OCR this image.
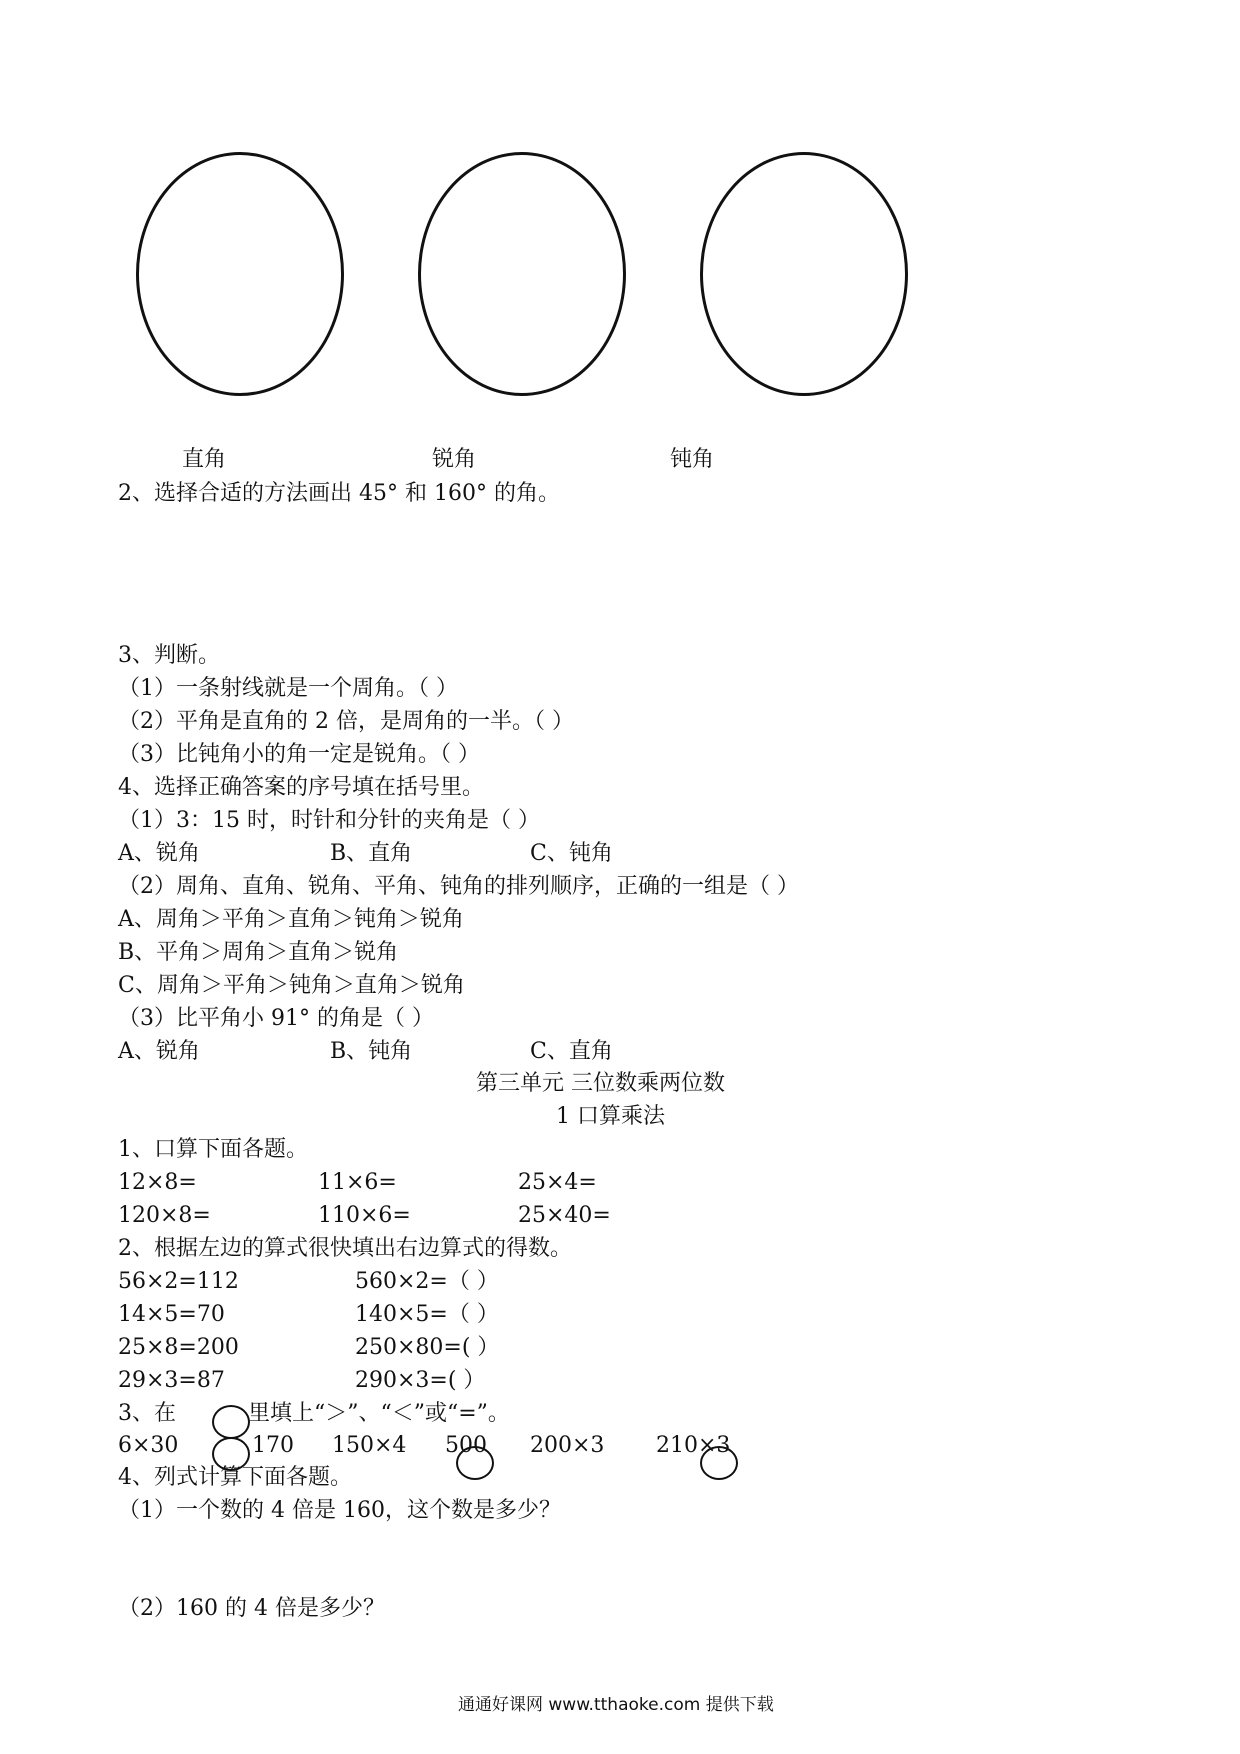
直角	锐角	钝角
2、选择合适的方法画出 45° 和 160° 的角。
3、判断。
（1）一条射线就是一个周角。（ ）
（2）平角是直角的 2 倍，是周角的一半。（ ）
（3）比钝角小的角一定是锐角。（ ）
4、选择正确答案的序号填在括号里。
（1）3：15 时，时针和分针的夹角是（ ）
A、锐角	B、直角	C、钝角
（2）周角、直角、锐角、平角、钝角的排列顺序，正确的一组是（ ）
A、周角＞平角＞直角＞钝角＞锐角
B、平角＞周角＞直角＞锐角
C、周角＞平角＞钝角＞直角＞锐角
（3）比平角小 91° 的角是（ ）
A、锐角	B、钝角	C、直角
第三单元 三位数乘两位数
1 口算乘法
1、口算下面各题。
12×8=	11×6=	25×4=
120×8=	110×6=	25×40=
2、根据左边的算式很快填出右边算式的得数。
56×2=112	560×2=（ ）
14×5=70	140×5=（ ）
25×8=200	250×80=( ）
29×3=87	290×3=( ）
3、在	里填上“＞”、“＜”或“=”。
6×30	170 150×4 500 200×3 210×3
4、列式计算下面各题。
（1）一个数的 4 倍是 160，这个数是多少？
（2）160 的 4 倍是多少？
通通好课网 www.tthaoke.com 提供下载
